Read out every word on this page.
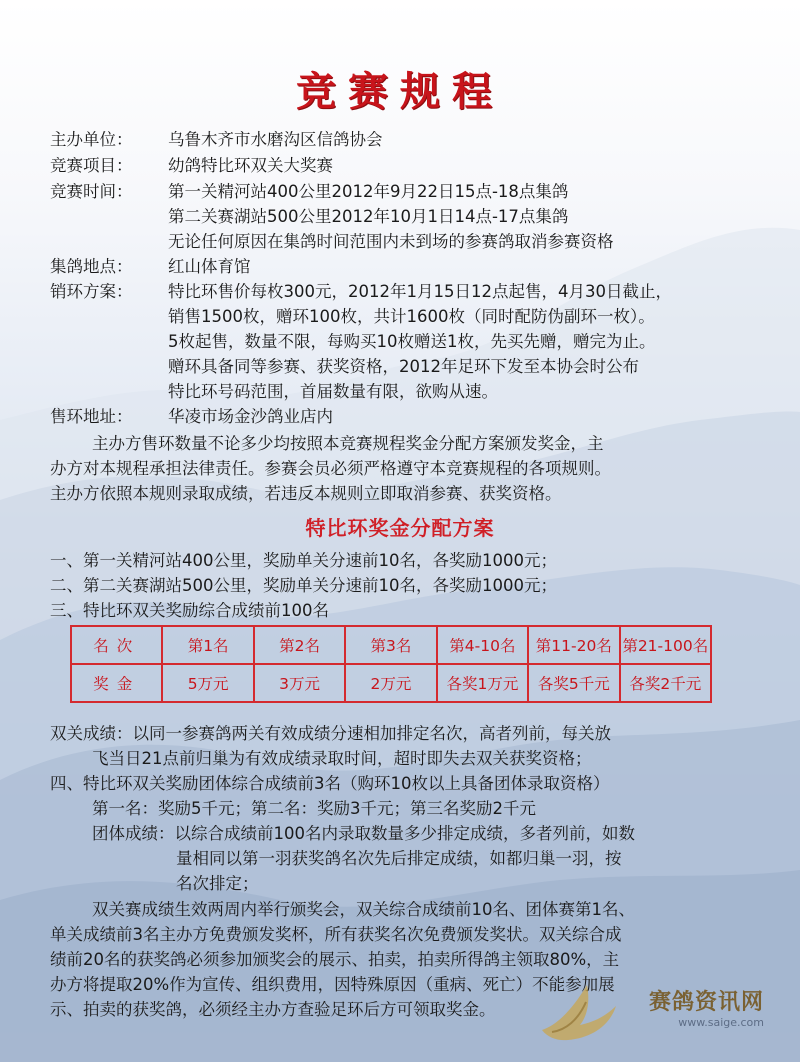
竞赛规程
主办单位： 乌鲁木齐市水磨沟区信鸽协会
竞赛项目： 幼鸽特比环双关大奖赛
竞赛时间： 第一关精河站400公里2012年9月22日15点-18点集鸽
第二关赛湖站500公里2012年10月1日14点-17点集鸽
无论任何原因在集鸽时间范围内未到场的参赛鸽取消参赛资格
集鸽地点： 红山体育馆
销环方案： 特比环售价每枚300元，2012年1月15日12点起售，4月30日截止，
销售1500枚，赠环100枚，共计1600枚（同时配防伪副环一枚）。
5枚起售，数量不限，每购买10枚赠送1枚，先买先赠，赠完为止。
赠环具备同等参赛、获奖资格，2012年足环下发至本协会时公布
特比环号码范围，首届数量有限，欲购从速。
售环地址： 华凌市场金沙鸽业店内
主办方售环数量不论多少均按照本竞赛规程奖金分配方案颁发奖金，主
办方对本规程承担法律责任。参赛会员必须严格遵守本竞赛规程的各项规则。
主办方依照本规则录取成绩，若违反本规则立即取消参赛、获奖资格。
特比环奖金分配方案
一、第一关精河站400公里，奖励单关分速前10名，各奖励1000元；
二、第二关赛湖站500公里，奖励单关分速前10名，各奖励1000元；
三、特比环双关奖励综合成绩前100名
名次	第1名	第2名	第3名	第4-10名	第11-20名	第21-100名
奖金	5万元	3万元	2万元	各奖1万元	各奖5千元	各奖2千元
双关成绩：以同一参赛鸽两关有效成绩分速相加排定名次，高者列前，每关放
飞当日21点前归巢为有效成绩录取时间，超时即失去双关获奖资格；
四、特比环双关奖励团体综合成绩前3名（购环10枚以上具备团体录取资格）
第一名：奖励5千元；第二名：奖励3千元；第三名奖励2千元
团体成绩：以综合成绩前100名内录取数量多少排定成绩，多者列前，如数
量相同以第一羽获奖鸽名次先后排定成绩，如都归巢一羽，按
名次排定；
双关赛成绩生效两周内举行颁奖会，双关综合成绩前10名、团体赛第1名、
单关成绩前3名主办方免费颁发奖杯，所有获奖名次免费颁发奖状。双关综合成
绩前20名的获奖鸽必须参加颁奖会的展示、拍卖，拍卖所得鸽主领取80%，主
办方将提取20%作为宣传、组织费用，因特殊原因（重病、死亡）不能参加展
示、拍卖的获奖鸽，必须经主办方查验足环后方可领取奖金。	赛鸽资讯网
www.saige.com
